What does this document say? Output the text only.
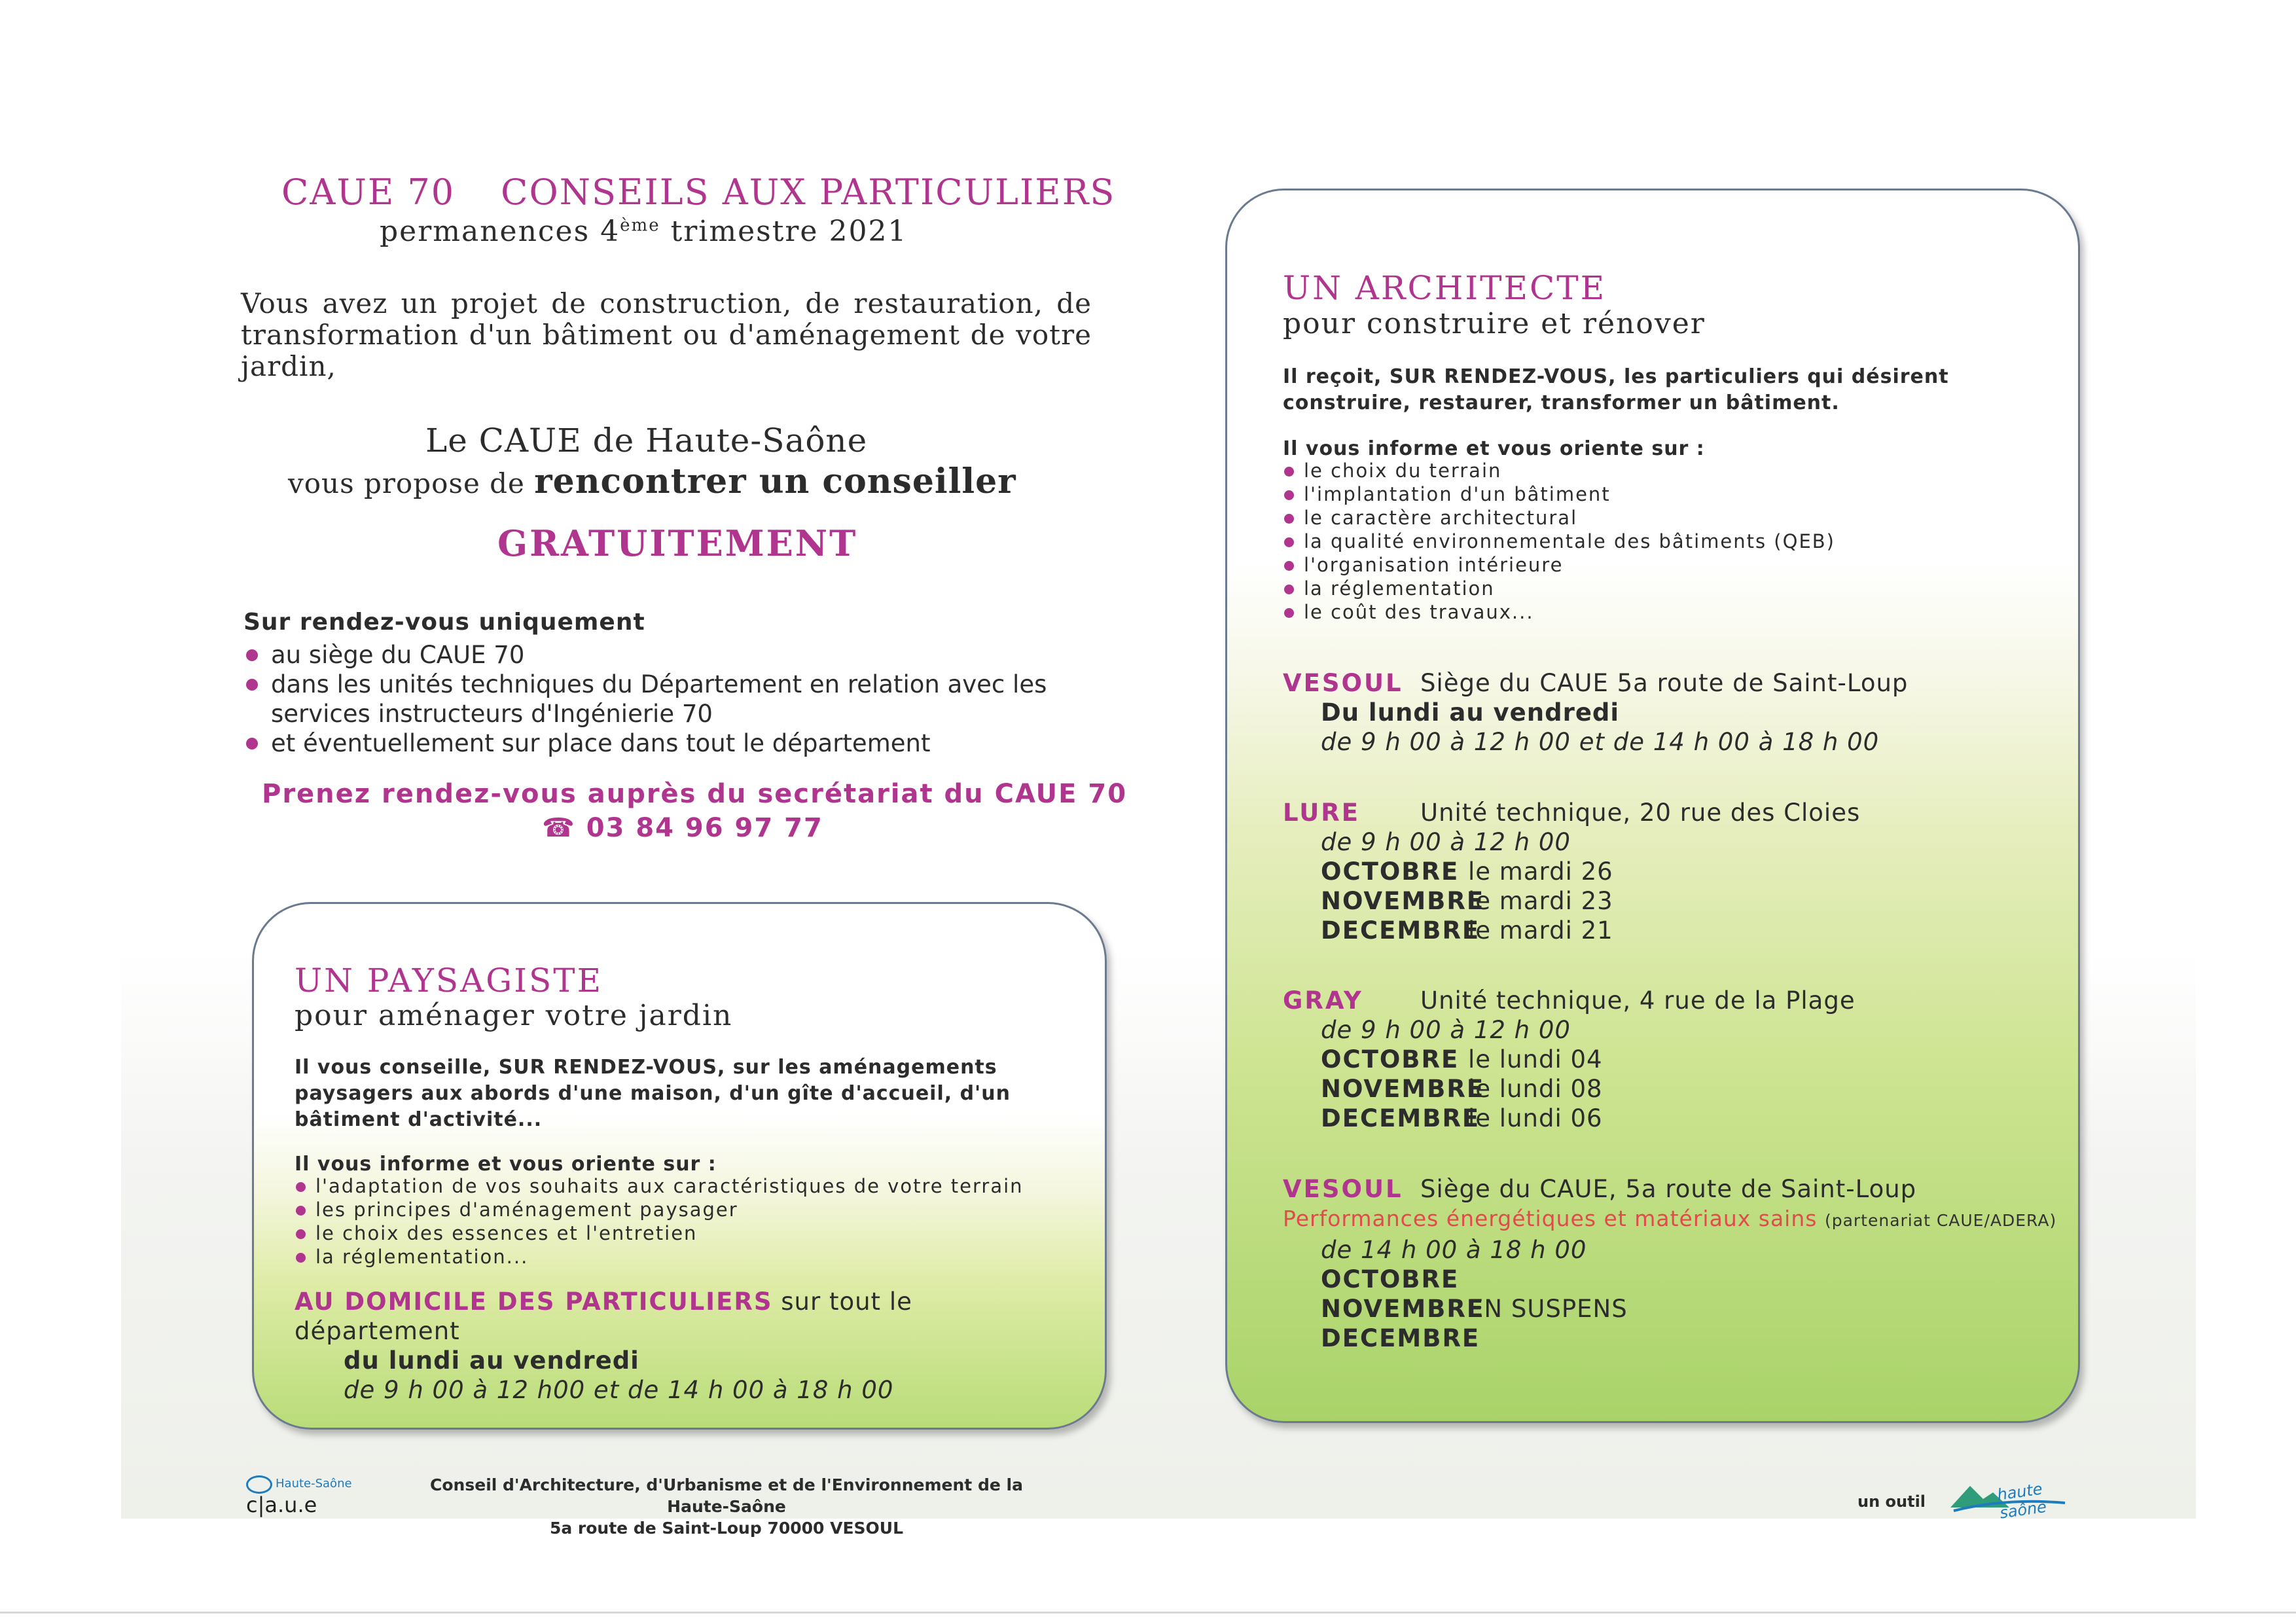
CAUE 70 CONSEILS AUX PARTICULIERS
permanences 4ème trimestre 2021
Vous avez un projet de construction, de restauration, de transformation d'un bâtiment ou d'aménagement de votre jardin,
Le CAUE de Haute-Saône
vous propose de rencontrer un conseiller
GRATUITEMENT
Sur rendez-vous uniquement
au siège du CAUE 70
dans les unités techniques du Département en relation avec les services instructeurs d'Ingénierie 70
et éventuellement sur place dans tout le département
Prenez rendez-vous auprès du secrétariat du CAUE 70
☎ 03 84 96 97 77
UN PAYSAGISTE
pour aménager votre jardin
Il vous conseille, SUR RENDEZ-VOUS, sur les aménagements paysagers aux abords d'une maison, d'un gîte d'accueil, d'un bâtiment d'activité...
Il vous informe et vous oriente sur :
l'adaptation de vos souhaits aux caractéristiques de votre terrain
les principes d'aménagement paysager
le choix des essences et l'entretien
la réglementation...
AU DOMICILE DES PARTICULIERS sur tout le département
du lundi au vendredi
de 9 h 00 à 12 h00 et de 14 h 00 à 18 h 00
UN ARCHITECTE
pour construire et rénover
Il reçoit, SUR RENDEZ-VOUS, les particuliers qui désirent construire, restaurer, transformer un bâtiment.
Il vous informe et vous oriente sur :
le choix du terrain
l'implantation d'un bâtiment
le caractère architectural
la qualité environnementale des bâtiments (QEB)
l'organisation intérieure
la réglementation
le coût des travaux...
VESOUL Siège du CAUE 5a route de Saint-Loup
Du lundi au vendredi
de 9 h 00 à 12 h 00 et de 14 h 00 à 18 h 00
LURE Unité technique, 20 rue des Cloies
de 9 h 00 à 12 h 00
OCTOBRE le mardi 26
NOVEMBREle mardi 23
DECEMBREle mardi 21
GRAY Unité technique, 4 rue de la Plage
de 9 h 00 à 12 h 00
OCTOBRE le lundi 04
NOVEMBREle lundi 08
DECEMBREle lundi 06
VESOUL Siège du CAUE, 5a route de Saint-Loup
Performances énergétiques et matériaux sains (partenariat CAUE/ADERA)
de 14 h 00 à 18 h 00
OCTOBRE
NOVEMBREEN SUSPENS
DECEMBRE
Haute-Saône
c|a.u.e
Conseil d'Architecture, d'Urbanisme et de l'Environnement de la Haute-Saône
5a route de Saint-Loup 70000 VESOUL
un outil	haute saône
